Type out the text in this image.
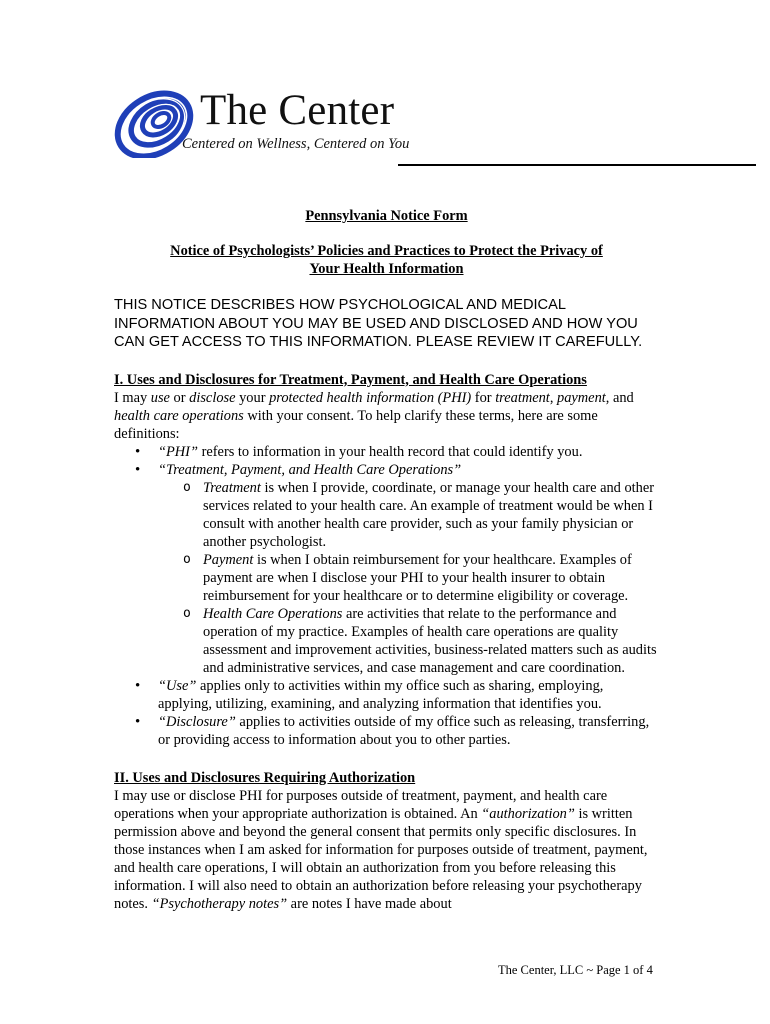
The Center
Centered on Wellness, Centered on You

Pennsylvania Notice Form

Notice of Psychologists’ Policies and Practices to Protect the Privacy of
Your Health Information

THIS NOTICE DESCRIBES HOW PSYCHOLOGICAL AND MEDICAL INFORMATION ABOUT YOU MAY BE USED AND DISCLOSED AND HOW YOU CAN GET ACCESS TO THIS INFORMATION. PLEASE REVIEW IT CAREFULLY.

I. Uses and Disclosures for Treatment, Payment, and Health Care Operations

I may use or disclose your protected health information (PHI) for treatment, payment, and health care operations with your consent. To help clarify these terms, here are some definitions:

• “PHI” refers to information in your health record that could identify you.
• “Treatment, Payment, and Health Care Operations”
o Treatment is when I provide, coordinate, or manage your health care and other services related to your health care. An example of treatment would be when I consult with another health care provider, such as your family physician or another psychologist.
o Payment is when I obtain reimbursement for your healthcare. Examples of payment are when I disclose your PHI to your health insurer to obtain reimbursement for your healthcare or to determine eligibility or coverage.
o Health Care Operations are activities that relate to the performance and operation of my practice. Examples of health care operations are quality assessment and improvement activities, business-related matters such as audits and administrative services, and case management and care coordination.
• “Use” applies only to activities within my office such as sharing, employing, applying, utilizing, examining, and analyzing information that identifies you.
• “Disclosure” applies to activities outside of my office such as releasing, transferring, or providing access to information about you to other parties.

II. Uses and Disclosures Requiring Authorization

I may use or disclose PHI for purposes outside of treatment, payment, and health care operations when your appropriate authorization is obtained. An “authorization” is written permission above and beyond the general consent that permits only specific disclosures. In those instances when I am asked for information for purposes outside of treatment, payment, and health care operations, I will obtain an authorization from you before releasing this information. I will also need to obtain an authorization before releasing your psychotherapy notes. “Psychotherapy notes” are notes I have made about

The Center, LLC ~ Page 1 of 4
